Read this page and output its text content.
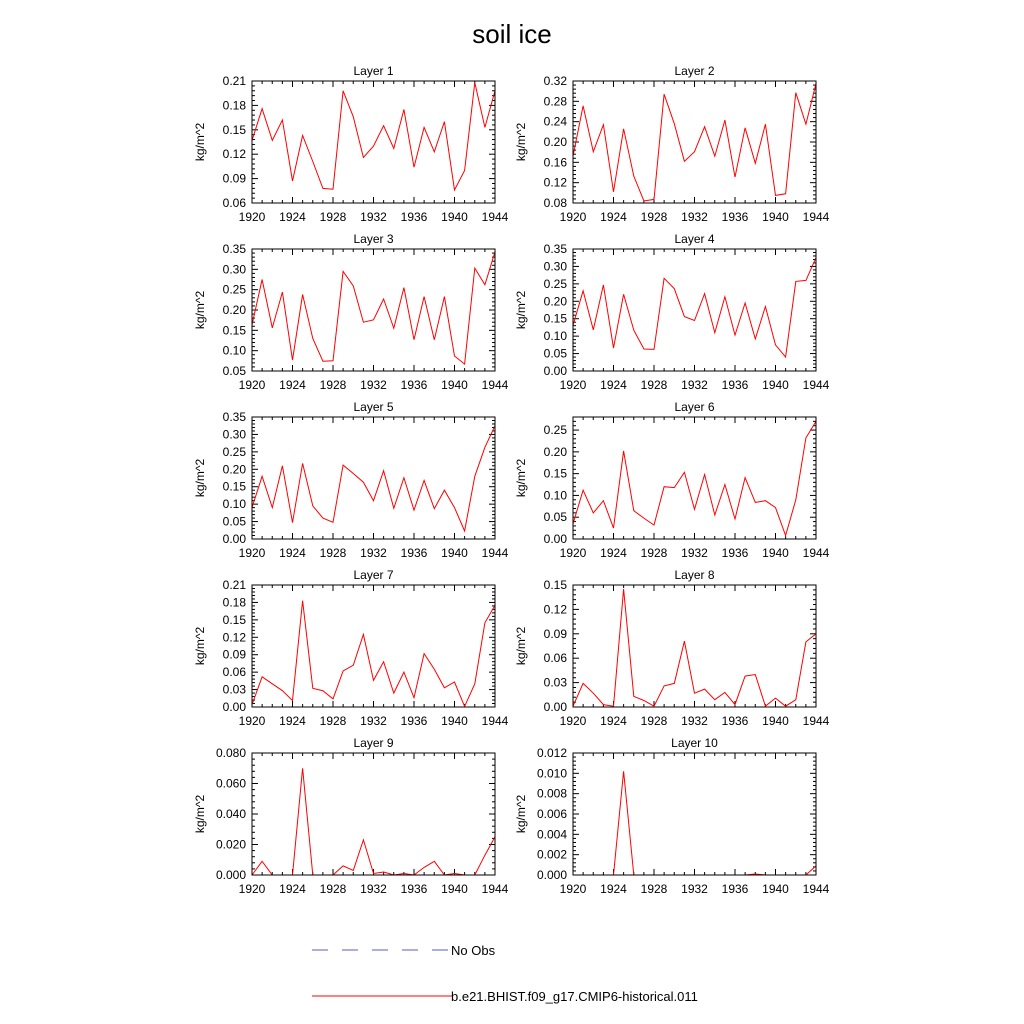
soil ice
Layer 1
kg/m^2
1920 1924 1928 1932 1936 1940 1944
0.06
0.09
0.12
0.15
0.18
0.21
Layer 2
kg/m^2
1920 1924 1928 1932 1936 1940 1944
0.08
0.12
0.16
0.20
0.24
0.28
0.32
Layer 3
kg/m^2
1920 1924 1928 1932 1936 1940 1944
0.05
0.10
0.15
0.20
0.25
0.30
0.35
Layer 4
kg/m^2
1920 1924 1928 1932 1936 1940 1944
0.00
0.05
0.10
0.15
0.20
0.25
0.30
0.35
Layer 5
kg/m^2
1920 1924 1928 1932 1936 1940 1944
0.00
0.05
0.10
0.15
0.20
0.25
0.30
0.35
Layer 6
kg/m^2
1920 1924 1928 1932 1936 1940 1944
0.00
0.05
0.10
0.15
0.20
0.25
Layer 7
kg/m^2
1920 1924 1928 1932 1936 1940 1944
0.00
0.03
0.06
0.09
0.12
0.15
0.18
0.21
Layer 8
kg/m^2
1920 1924 1928 1932 1936 1940 1944
0.00
0.03
0.06
0.09
0.12
0.15
Layer 9
kg/m^2
1920 1924 1928 1932 1936 1940 1944
0.000
0.020
0.040
0.060
0.080
Layer 10
kg/m^2
1920 1924 1928 1932 1936 1940 1944
0.000
0.002
0.004
0.006
0.008
0.010
0.012
No Obs
b.e21.BHIST.f09_g17.CMIP6-historical.011
